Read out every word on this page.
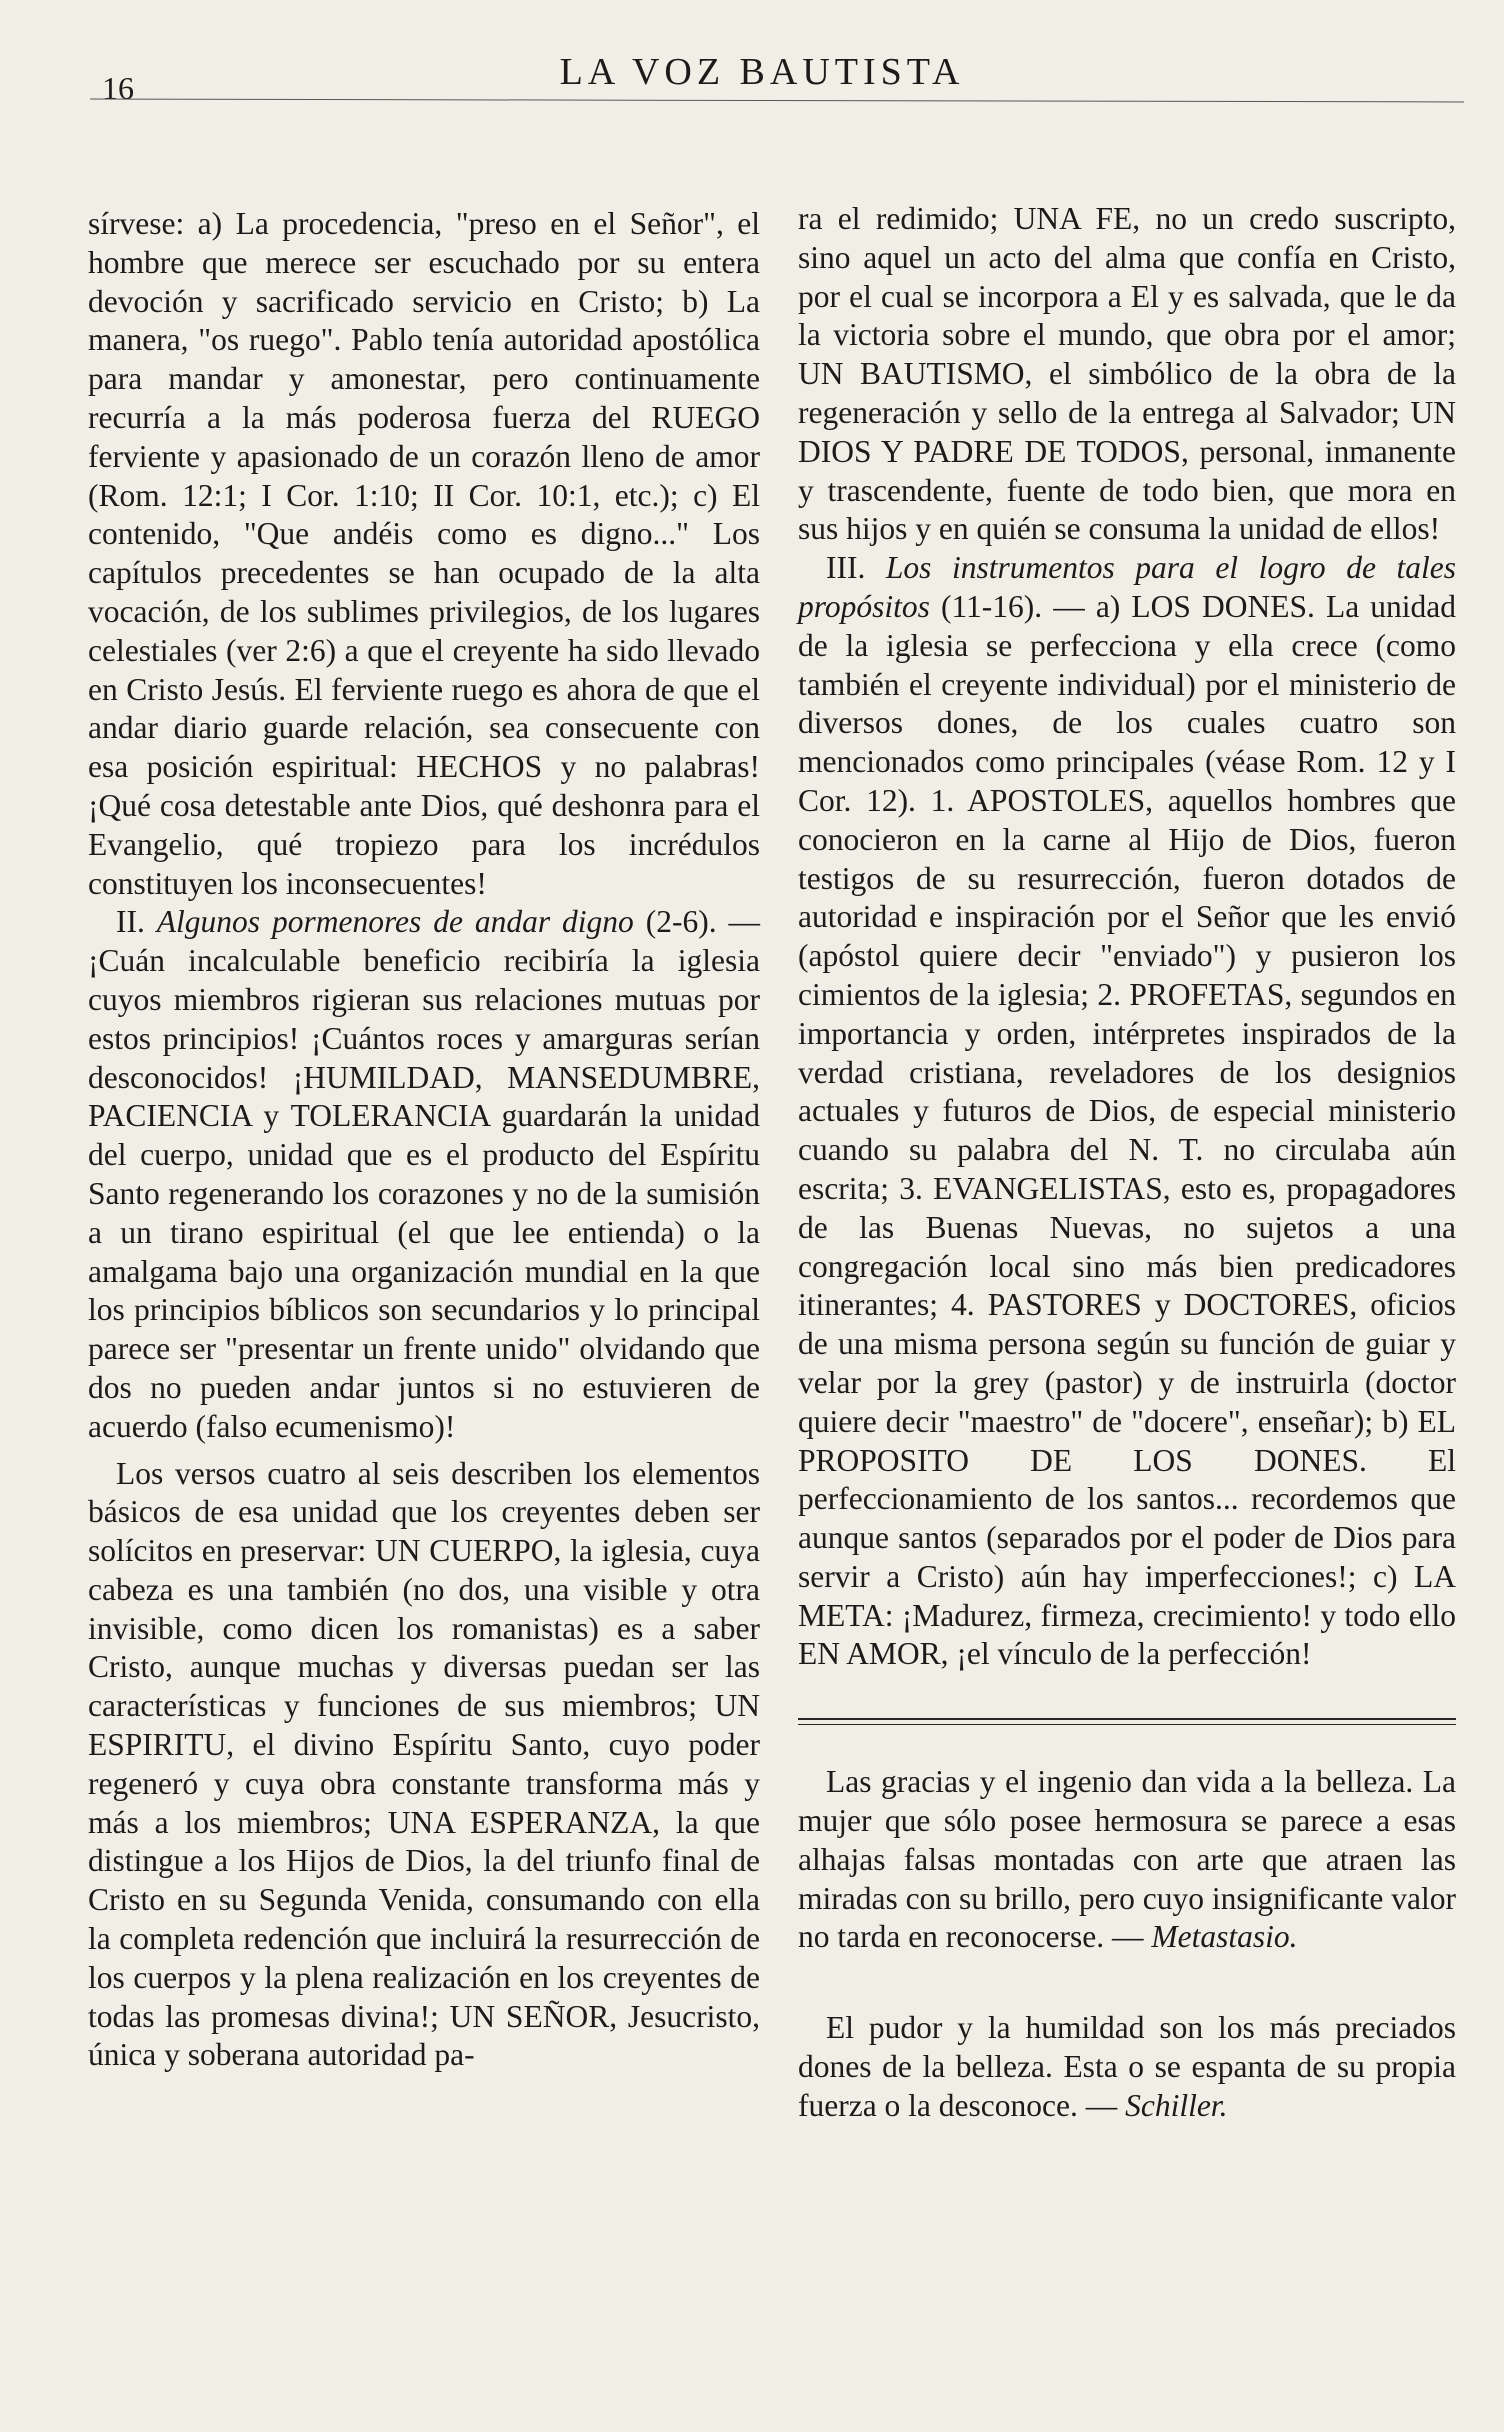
16	LA VOZ BAUTISTA

sírvese: a) La procedencia, "preso en el Señor", el hombre que merece ser escuchado por su entera devoción y sacrificado servicio en Cristo; b) La manera, "os ruego". Pablo tenía autoridad apostólica para mandar y amonestar, pero continuamente recurría a la más poderosa fuerza del RUEGO ferviente y apasionado de un corazón lleno de amor (Rom. 12:1; I Cor. 1:10; II Cor. 10:1, etc.); c) El contenido, "Que andéis como es digno..." Los capítulos precedentes se han ocupado de la alta vocación, de los sublimes privilegios, de los lugares celestiales (ver 2:6) a que el creyente ha sido llevado en Cristo Jesús. El ferviente ruego es ahora de que el andar diario guarde relación, sea consecuente con esa posición espiritual: HECHOS y no palabras! ¡Qué cosa detestable ante Dios, qué deshonra para el Evangelio, qué tropiezo para los incrédulos constituyen los inconsecuentes!

II. Algunos pormenores de andar digno (2-6). — ¡Cuán incalculable beneficio recibiría la iglesia cuyos miembros rigieran sus relaciones mutuas por estos principios! ¡Cuántos roces y amarguras serían desconocidos! ¡HUMILDAD, MANSEDUMBRE, PACIENCIA y TOLERANCIA guardarán la unidad del cuerpo, unidad que es el producto del Espíritu Santo regenerando los corazones y no de la sumisión a un tirano espiritual (el que lee entienda) o la amalgama bajo una organización mundial en la que los principios bíblicos son secundarios y lo principal parece ser "presentar un frente unido" olvidando que dos no pueden andar juntos si no estuvieren de acuerdo (falso ecumenismo)!

Los versos cuatro al seis describen los elementos básicos de esa unidad que los creyentes deben ser solícitos en preservar: UN CUERPO, la iglesia, cuya cabeza es una también (no dos, una visible y otra invisible, como dicen los romanistas) es a saber Cristo, aunque muchas y diversas puedan ser las características y funciones de sus miembros; UN ESPIRITU, el divino Espíritu Santo, cuyo poder regeneró y cuya obra constante transforma más y más a los miembros; UNA ESPERANZA, la que distingue a los Hijos de Dios, la del triunfo final de Cristo en su Segunda Venida, consumando con ella la completa redención que incluirá la resurrección de los cuerpos y la plena realización en los creyentes de todas las promesas divina!; UN SEÑOR, Jesucristo, única y soberana autoridad pa-

ra el redimido; UNA FE, no un credo suscripto, sino aquel un acto del alma que confía en Cristo, por el cual se incorpora a El y es salvada, que le da la victoria sobre el mundo, que obra por el amor; UN BAUTISMO, el simbólico de la obra de la regeneración y sello de la entrega al Salvador; UN DIOS Y PADRE DE TODOS, personal, inmanente y trascendente, fuente de todo bien, que mora en sus hijos y en quién se consuma la unidad de ellos!

III. Los instrumentos para el logro de tales propósitos (11-16). — a) LOS DONES. La unidad de la iglesia se perfecciona y ella crece (como también el creyente individual) por el ministerio de diversos dones, de los cuales cuatro son mencionados como principales (véase Rom. 12 y I Cor. 12). 1. APOSTOLES, aquellos hombres que conocieron en la carne al Hijo de Dios, fueron testigos de su resurrección, fueron dotados de autoridad e inspiración por el Señor que les envió (apóstol quiere decir "enviado") y pusieron los cimientos de la iglesia; 2. PROFETAS, segundos en importancia y orden, intérpretes inspirados de la verdad cristiana, reveladores de los designios actuales y futuros de Dios, de especial ministerio cuando su palabra del N. T. no circulaba aún escrita; 3. EVANGELISTAS, esto es, propagadores de las Buenas Nuevas, no sujetos a una congregación local sino más bien predicadores itinerantes; 4. PASTORES y DOCTORES, oficios de una misma persona según su función de guiar y velar por la grey (pastor) y de instruirla (doctor quiere decir "maestro" de "docere", enseñar); b) EL PROPOSITO DE LOS DONES. El perfeccionamiento de los santos... recordemos que aunque santos (separados por el poder de Dios para servir a Cristo) aún hay imperfecciones!; c) LA META: ¡Madurez, firmeza, crecimiento! y todo ello EN AMOR, ¡el vínculo de la perfección!

Las gracias y el ingenio dan vida a la belleza. La mujer que sólo posee hermosura se parece a esas alhajas falsas montadas con arte que atraen las miradas con su brillo, pero cuyo insignificante valor no tarda en reconocerse. — Metastasio.

El pudor y la humildad son los más preciados dones de la belleza. Esta o se espanta de su propia fuerza o la desconoce. — Schiller.
